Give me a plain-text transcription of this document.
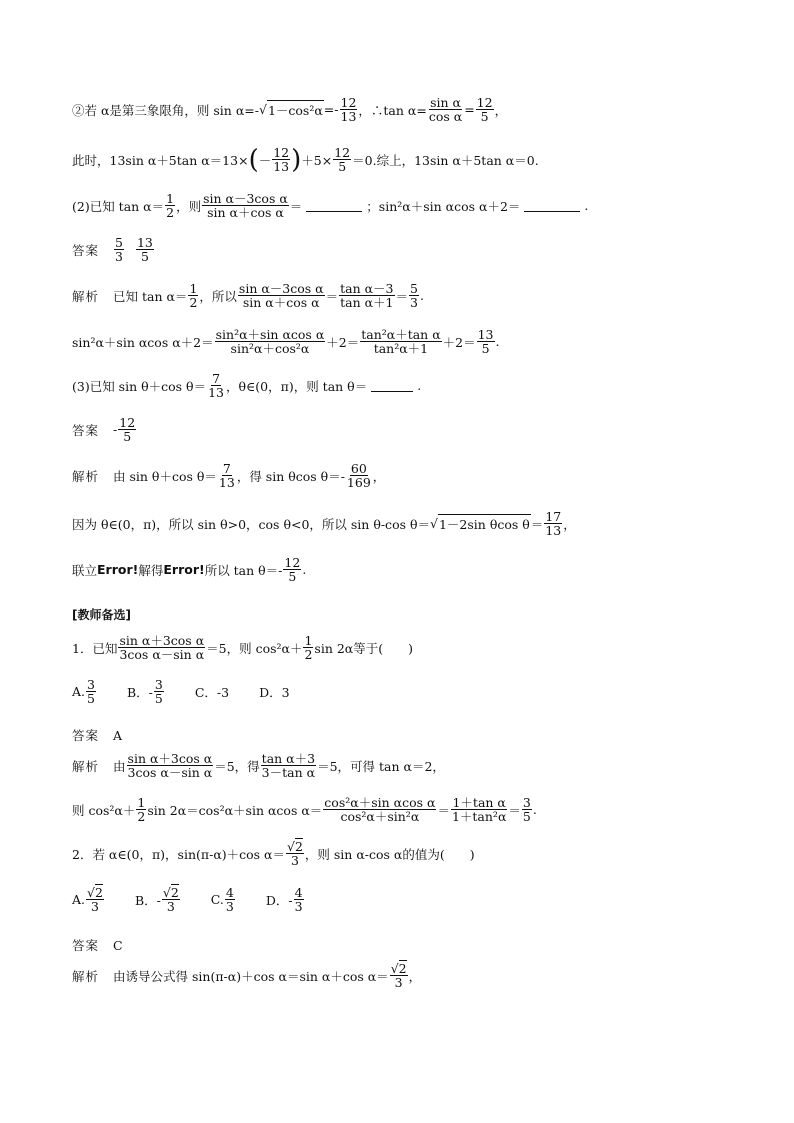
②若 α是第三象限角，则 sin α=- √ $1-\cos^2\alpha =- \frac{12}{13}$ ，∴tan $\alpha= \frac{\text{sin α}}{\text{cos α}} = \frac{12}{5}$ ，
此时，13sin α＋5tan α＝13× ( － $\frac{12}{13}$ ) $+5\times \frac{12}{5} =0$.综上，13sin α＋5tan α＝0.
(2)已知 $\tan \alpha= \frac{1}{2}$ ，则 $\frac{\text{sin α－3cos α}}{\text{sin α＋cos α}}$ ＝	；sin²α＋sin αcos α＋2＝	.
答案 $\frac{5}{3} \frac{13}{5}$
解析 已知 $\tan \alpha= \frac{1}{2}$ ，所以 $\frac{\text{sin α－3cos α}}{\text{sin α＋cos α}} = \frac{\text{tan α－3}}{\text{tan α＋1}} = \frac{5}{3}$ .
sin²α＋sin αcos $\alpha+2= \frac{\text{sin²α＋sin αcos α}}{\text{sin²α＋cos²α}} +2= \frac{\text{tan²α＋tan α}}{\text{tan²α＋1}} +2= \frac{13}{5}$ .
(3)已知 sin θ＋cos $\theta= \frac{7}{13}$ ，θ∈(0，π)，则 tan θ＝	.
答案 - $\frac{12}{5}$
解析 由 sin θ＋cos $\theta= \frac{7}{13}$ ，得 sin θcos $\theta=- \frac{60}{169}$ ，
因为 θ∈(0，π)，所以 sin θ>0，cos θ<0，所以 sin θ-cos θ＝ √ 1－2sin θcos $\theta = \frac{17}{13}$ ，
联立 Error! 解得 Error! 所以 $\tan \theta=- \frac{12}{5}$ .
[教师备选]
1．已知 $\frac{\text{sin α＋3cos α}}{\text{3cos α－sin α}} =5$，则 $\cos^2\alpha+ \frac{1}{2}$ sin 2α等于(　　)
A. $\frac{3}{5}$ B．- $\frac{3}{5}$ C．-3 D．3
答案 A
解析 由 $\frac{\text{sin α＋3cos α}}{\text{3cos α－sin α}} =5$，得 $\frac{\text{tan α＋3}}{\text{3－tan α}} =5$，可得 tan α＝2，
则 $\cos^2\alpha+ \frac{1}{2}$ sin 2α＝cos²α＋sin αcos $\alpha= \frac{\text{cos²α＋sin αcos α}}{\text{cos²α＋sin²α}} = \frac{\text{1＋tan α}}{\text{1＋tan²α}} = \frac{3}{5}$ .
2．若 α∈(0，π)，sin(π-α)＋cos $\alpha= \frac{√2}{3}$ ，则 sin α-cos α的值为(　　)
A. $\frac{√2}{3}$ B．- $\frac{√2}{3} C$. $\frac{4}{3}$ D．- $\frac{4}{3}$
答案 C
解析 由诱导公式得 sin(π-α)＋cos α＝sin α＋cos $\alpha= \frac{√2}{3}$ ，
